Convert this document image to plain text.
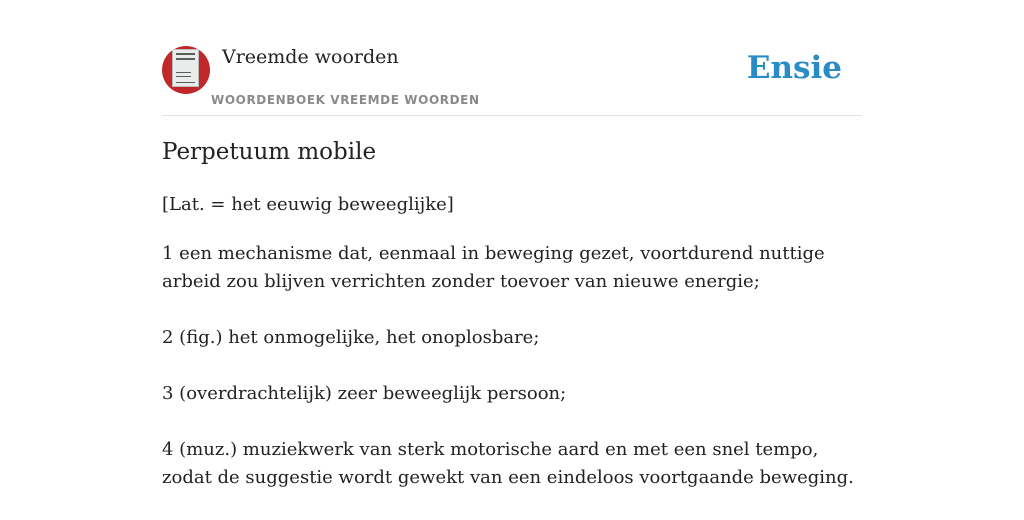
Vreemde woorden
WOORDENBOEK VREEMDE WOORDEN
Ensie
Perpetuum mobile
[Lat. = het eeuwig beweeglijke]

1 een mechanisme dat, eenmaal in beweging gezet, voortdurend nuttige arbeid zou blijven verrichten zonder toevoer van nieuwe energie;

2 (fig.) het onmogelijke, het onoplosbare;

3 (overdrachtelijk) zeer beweeglijk persoon;

4 (muz.) muziekwerk van sterk motorische aard en met een snel tempo, zodat de suggestie wordt gewekt van een eindeloos voortgaande beweging.
